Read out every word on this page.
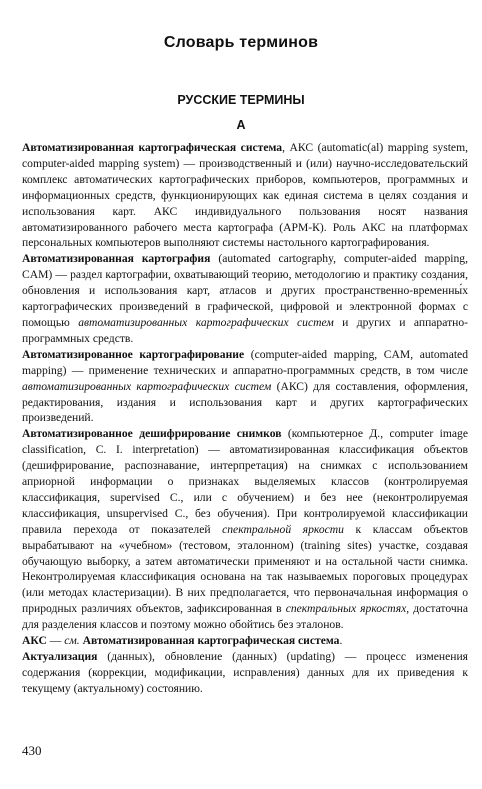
Словарь терминов
РУССКИЕ ТЕРМИНЫ
А

Автоматизированная картографическая система, АКС (automatic(al) mapping system, computer-aided mapping system) — производственный и (или) научно-исследовательский комплекс автоматических картографических приборов, компьютеров, программных и информационных средств, функционирующих как единая система в целях создания и использования карт. АКС индивидуального пользования носят названия автоматизированного рабочего места картографа (АРМ-К). Роль АКС на платформах персональных компьютеров выполняют системы настольного картографирования.

Автоматизированная картография (automated cartography, computer-aided mapping, CAM) — раздел картографии, охватывающий теорию, методологию и практику создания, обновления и использования карт, атласов и других пространственно-временны́х картографических произведений в графической, цифровой и электронной формах с помощью автоматизированных картографических систем и других и аппаратно-программных средств.

Автоматизированное картографирование (computer-aided mapping, CAM, automated mapping) — применение технических и аппаратно-программных средств, в том числе автоматизированных картографических систем (АКС) для составления, оформления, редактирования, издания и использования карт и других картографических произведений.

Автоматизированное дешифрирование снимков (компьютерное Д., computer image classification, C. I. interpretation) — автоматизированная классификация объектов (дешифрирование, распознавание, интерпретация) на снимках с использованием априорной информации о признаках выделяемых классов (контролируемая классификация, supervised C., или с обучением) и без нее (неконтролируемая классификация, unsupervised C., без обучения). При контролируемой классификации правила перехода от показателей спектральной яркости к классам объектов вырабатывают на «учебном» (тестовом, эталонном) (training sites) участке, создавая обучающую выборку, а затем автоматически применяют и на остальной части снимка. Неконтролируемая классификация основана на так называемых пороговых процедурах (или методах кластеризации). В них предполагается, что первоначальная информация о природных различиях объектов, зафиксированная в спектральных яркостях, достаточна для разделения классов и поэтому можно обойтись без эталонов.

АКС — см. Автоматизированная картографическая система.

Актуализация (данных), обновление (данных) (updating) — процесс изменения содержания (коррекции, модификации, исправления) данных для их приведения к текущему (актуальному) состоянию.

430
